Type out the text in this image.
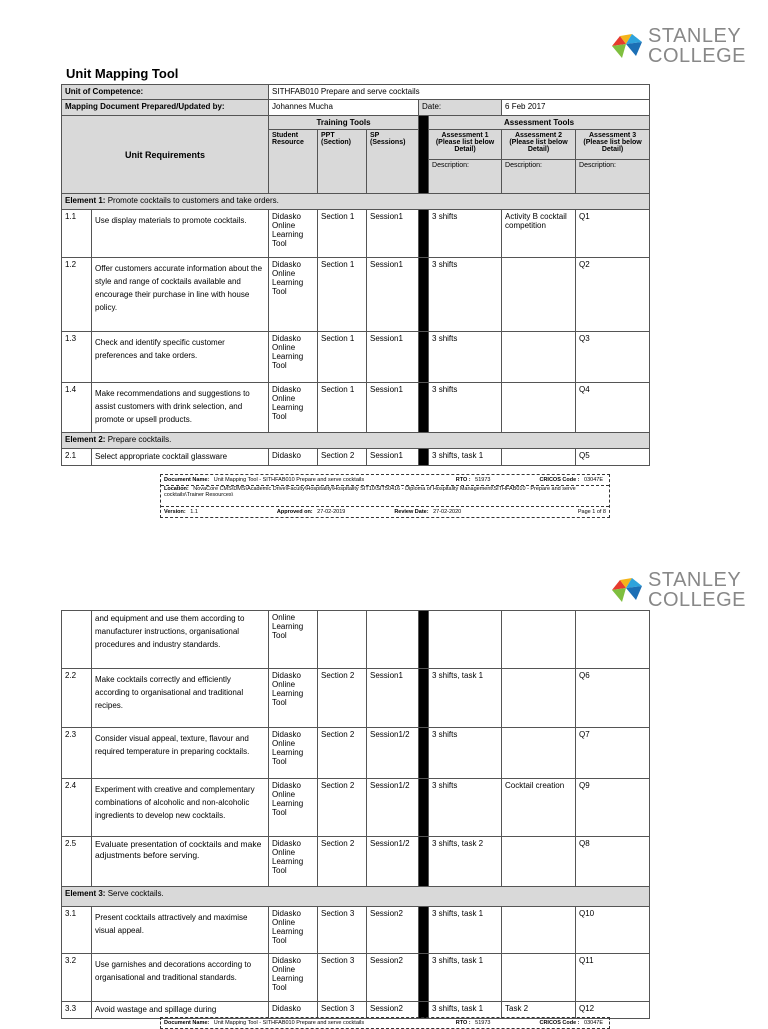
STANLEY
COLLEGE
Unit Mapping Tool
Unit of Competence:		SITHFAB010 Prepare and serve cocktails						
Mapping Document Prepared/Updated by:		Johannes Mucha			Date:		6 Feb 2017	
Unit Requirements		Training Tools				Assessment Tools		
		Student Resource	PPT (Section)	SP (Sessions)		Assessment 1 (Please list below Detail)	Assessment 2 (Please list below Detail)	Assessment 3 (Please list below Detail)
						Description:	Description:	Description:
Element 1: Promote cocktails to customers and take orders.								
1.1	Use display materials to promote cocktails.	Didasko Online Learning Tool	Section 1	Session1		3 shifts	Activity B cocktail competition	Q1
1.2	Offer customers accurate information about the style and range of cocktails available and encourage their purchase in line with house policy.	Didasko Online Learning Tool	Section 1	Session1		3 shifts		Q2
1.3	Check and identify specific customer preferences and take orders.	Didasko Online Learning Tool	Section 1	Session1		3 shifts		Q3
1.4	Make recommendations and suggestions to assist customers with drink selection, and promote or upsell products.	Didasko Online Learning Tool	Section 1	Session1		3 shifts		Q4
Element 2: Prepare cocktails.								
2.1	Select appropriate cocktail glassware	Didasko	Section 2	Session1		3 shifts, task 1		Q5
Document Name: Unit Mapping Tool - SITHFAB010 Prepare and serve cocktails	RTO : 51973	CRICOS Code : 03047E
Location: NovaCore CMS\DMS\Academic Drive\Faculty\Hospitality\Hospitality SIT10\SIT50416 - Diploma of Hospitality Management\SITHFAB010 - Prepare and serve cocktails\Trainer Resources\
Version: 1.1	Approved on: 27-02-2019	Review Date: 27-02-2020	Page 1 of 8
STANLEY
COLLEGE
	and equipment and use them according to manufacturer instructions, organisational procedures and industry standards.	Online Learning Tool						
2.2	Make cocktails correctly and efficiently according to organisational and traditional recipes.	Didasko Online Learning Tool	Section 2	Session1		3 shifts, task 1		Q6
2.3	Consider visual appeal, texture, flavour and required temperature in preparing cocktails.	Didasko Online Learning Tool	Section 2	Session1/2		3 shifts		Q7
2.4	Experiment with creative and complementary combinations of alcoholic and non-alcoholic ingredients to develop new cocktails.	Didasko Online Learning Tool	Section 2	Session1/2		3 shifts	Cocktail creation	Q9
2.5	Evaluate presentation of cocktails and make adjustments before serving.	Didasko Online Learning Tool	Section 2	Session1/2		3 shifts, task 2		Q8
Element 3: Serve cocktails.								
3.1	Present cocktails attractively and maximise visual appeal.	Didasko Online Learning Tool	Section 3	Session2		3 shifts, task 1		Q10
3.2	Use garnishes and decorations according to organisational and traditional standards.	Didasko Online Learning Tool	Section 3	Session2		3 shifts, task 1		Q11
3.3	Avoid wastage and spillage during	Didasko	Section 3	Session2		3 shifts, task 1	Task 2	Q12
Document Name: Unit Mapping Tool - SITHFAB010 Prepare and serve cocktails	RTO : 51973	CRICOS Code : 03047E
